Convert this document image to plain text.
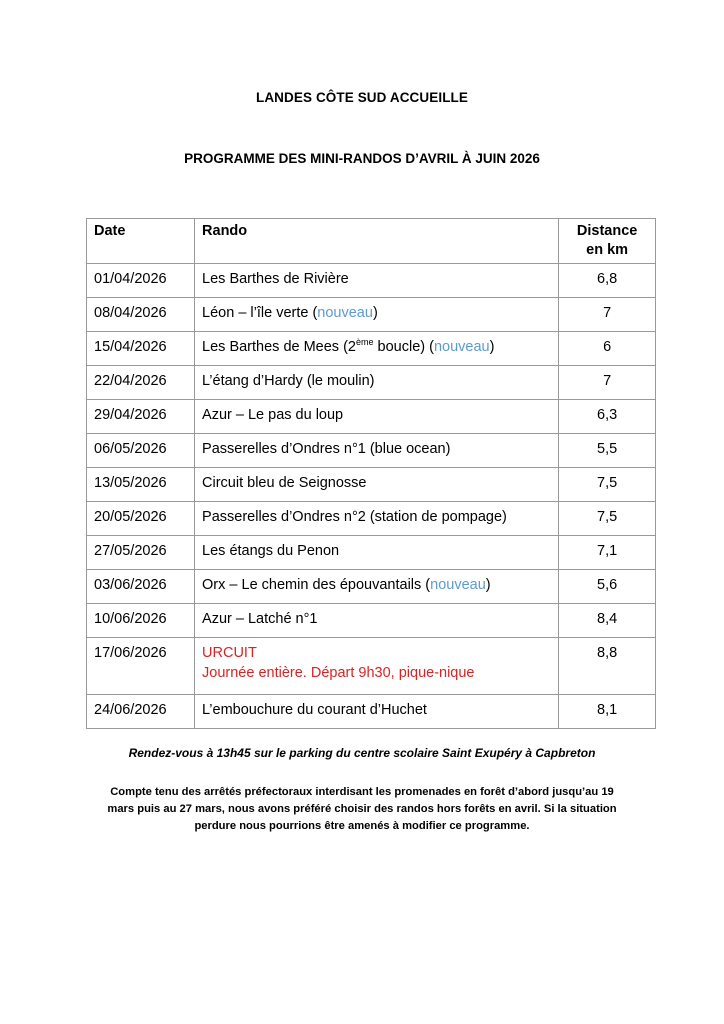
LANDES CÔTE SUD ACCUEILLE
PROGRAMME DES MINI-RANDOS D’AVRIL À JUIN 2026
Date	Rando	Distance
en km

01/04/2026	Les Barthes de Rivière	6,8

08/04/2026	Léon – l’île verte (nouveau)	7

15/04/2026	Les Barthes de Mees (2ème boucle) (nouveau)	6

22/04/2026	L’étang d’Hardy (le moulin)	7

29/04/2026	Azur – Le pas du loup	6,3

06/05/2026	Passerelles d’Ondres n°1 (blue ocean)	5,5

13/05/2026	Circuit bleu de Seignosse	7,5

20/05/2026	Passerelles d’Ondres n°2 (station de pompage)	7,5

27/05/2026	Les étangs du Penon	7,1

03/06/2026	Orx – Le chemin des épouvantails (nouveau)	5,6

10/06/2026	Azur – Latché n°1	8,4

17/06/2026	URCUIT
Journée entière. Départ 9h30, pique-nique	8,8

24/06/2026	L’embouchure du courant d’Huchet	8,1
Rendez-vous à 13h45 sur le parking du centre scolaire Saint Exupéry à Capbreton
Compte tenu des arrêtés préfectoraux interdisant les promenades en forêt d’abord jusqu’au 19
mars puis au 27 mars, nous avons préféré choisir des randos hors forêts en avril. Si la situation
perdure nous pourrions être amenés à modifier ce programme.
